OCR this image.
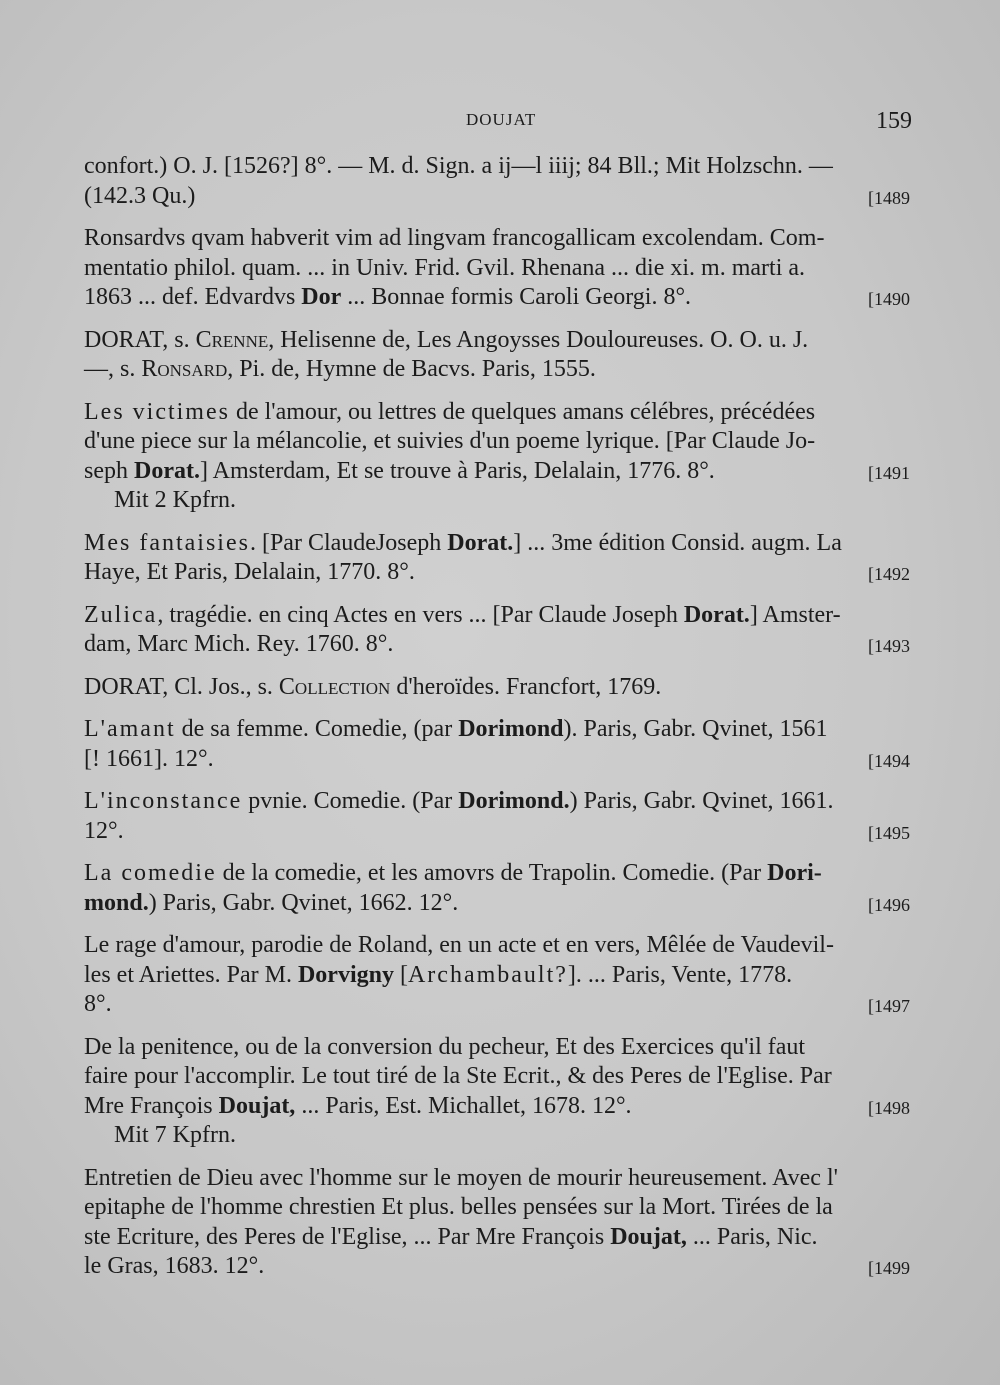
DOUJAT	159
confort.) O. J. [1526?] 8°. — M. d. Sign. a ij—l iiij; 84 Bll.; Mit Holzschn. —
(142.3 Qu.)	[1489
Ronsardvs qvam habverit vim ad lingvam francogallicam excolendam. Com-
mentatio philol. quam. ... in Univ. Frid. Gvil. Rhenana ... die xi. m. marti a.
1863 ... def. Edvardvs Dor ... Bonnae formis Caroli Georgi. 8°.	[1490
DORAT, s. Crenne, Helisenne de, Les Angoysses Douloureuses. O. O. u. J.
—, s. Ronsard, Pi. de, Hymne de Bacvs. Paris, 1555.
Les victimes de l'amour, ou lettres de quelques amans célébres, précédées
d'une piece sur la mélancolie, et suivies d'un poeme lyrique. [Par Claude Jo-
seph Dorat.] Amsterdam, Et se trouve à Paris, Delalain, 1776. 8°.	[1491
Mit 2 Kpfrn.
Mes fantaisies. [Par ClaudeJoseph Dorat.] ... 3me édition Consid. augm. La
Haye, Et Paris, Delalain, 1770. 8°.	[1492
Zulica, tragédie. en cinq Actes en vers ... [Par Claude Joseph Dorat.] Amster-
dam, Marc Mich. Rey. 1760. 8°.	[1493
DORAT, Cl. Jos., s. Collection d'heroïdes. Francfort, 1769.
L'amant de sa femme. Comedie, (par Dorimond). Paris, Gabr. Qvinet, 1561
[! 1661]. 12°.	[1494
L'inconstance pvnie. Comedie. (Par Dorimond.) Paris, Gabr. Qvinet, 1661.
12°.	[1495
La comedie de la comedie, et les amovrs de Trapolin. Comedie. (Par Dori-
mond.) Paris, Gabr. Qvinet, 1662. 12°.	[1496
Le rage d'amour, parodie de Roland, en un acte et en vers, Mêlée de Vaudevil-
les et Ariettes. Par M. Dorvigny [Archambault?]. ... Paris, Vente, 1778.
8°.	[1497
De la penitence, ou de la conversion du pecheur, Et des Exercices qu'il faut
faire pour l'accomplir. Le tout tiré de la Ste Ecrit., & des Peres de l'Eglise. Par
Mre François Doujat, ... Paris, Est. Michallet, 1678. 12°.	[1498
Mit 7 Kpfrn.
Entretien de Dieu avec l'homme sur le moyen de mourir heureusement. Avec l'
epitaphe de l'homme chrestien Et plus. belles pensées sur la Mort. Tirées de la
ste Ecriture, des Peres de l'Eglise, ... Par Mre François Doujat, ... Paris, Nic.
le Gras, 1683. 12°.	[1499
